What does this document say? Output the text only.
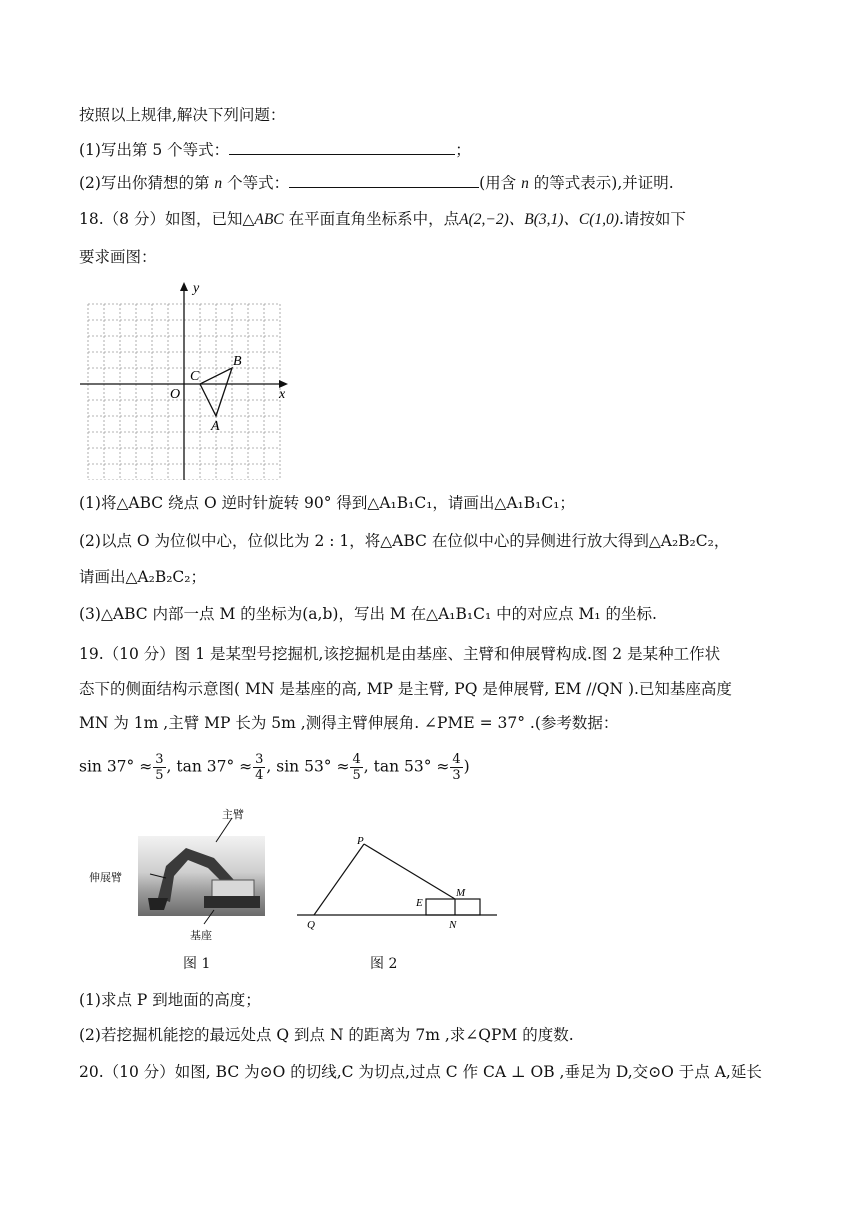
按照以上规律,解决下列问题：
(1)写出第 5 个等式：	；
(2)写出你猜想的第 n 个等式：	(用含 n 的等式表示),并证明.
18.（8 分）如图，已知△ABC 在平面直角坐标系中，点A(2,−2)、B(3,1)、C(1,0).请按如下
要求画图：
x
y
O
C
B
A
(1)将△ABC 绕点 O 逆时针旋转 90° 得到△A₁B₁C₁，请画出△A₁B₁C₁；
(2)以点 O 为位似中心，位似比为 2 : 1，将△ABC 在位似中心的异侧进行放大得到△A₂B₂C₂，
请画出△A₂B₂C₂；
(3)△ABC 内部一点 M 的坐标为(a,b)，写出 M 在△A₁B₁C₁ 中的对应点 M₁ 的坐标.
19.（10 分）图 1 是某型号挖掘机,该挖掘机是由基座、主臂和伸展臂构成.图 2 是某种工作状
态下的侧面结构示意图( MN 是基座的高, MP 是主臂, PQ 是伸展臂, EM //QN ).已知基座高度
MN 为 1m ,主臂 MP 长为 5m ,测得主臂伸展角. ∠PME = 37° .(参考数据：
$\sin 37^\circ \approx \frac{3}{5}$ , $\tan 37^\circ \approx \frac{3}{4}$ , $\sin 53^\circ \approx \frac{4}{5}$ , $\tan 53^\circ \approx \frac{4}{3}$ )
主臂
伸展臂
基座
图 1
P
Q
E
M
N
图 2
(1)求点 P 到地面的高度；
(2)若挖掘机能挖的最远处点 Q 到点 N 的距离为 7m ,求∠QPM 的度数.
20.（10 分）如图, BC 为⊙O 的切线,C 为切点,过点 C 作 CA ⊥ OB ,垂足为 D,交⊙O 于点 A,延长
